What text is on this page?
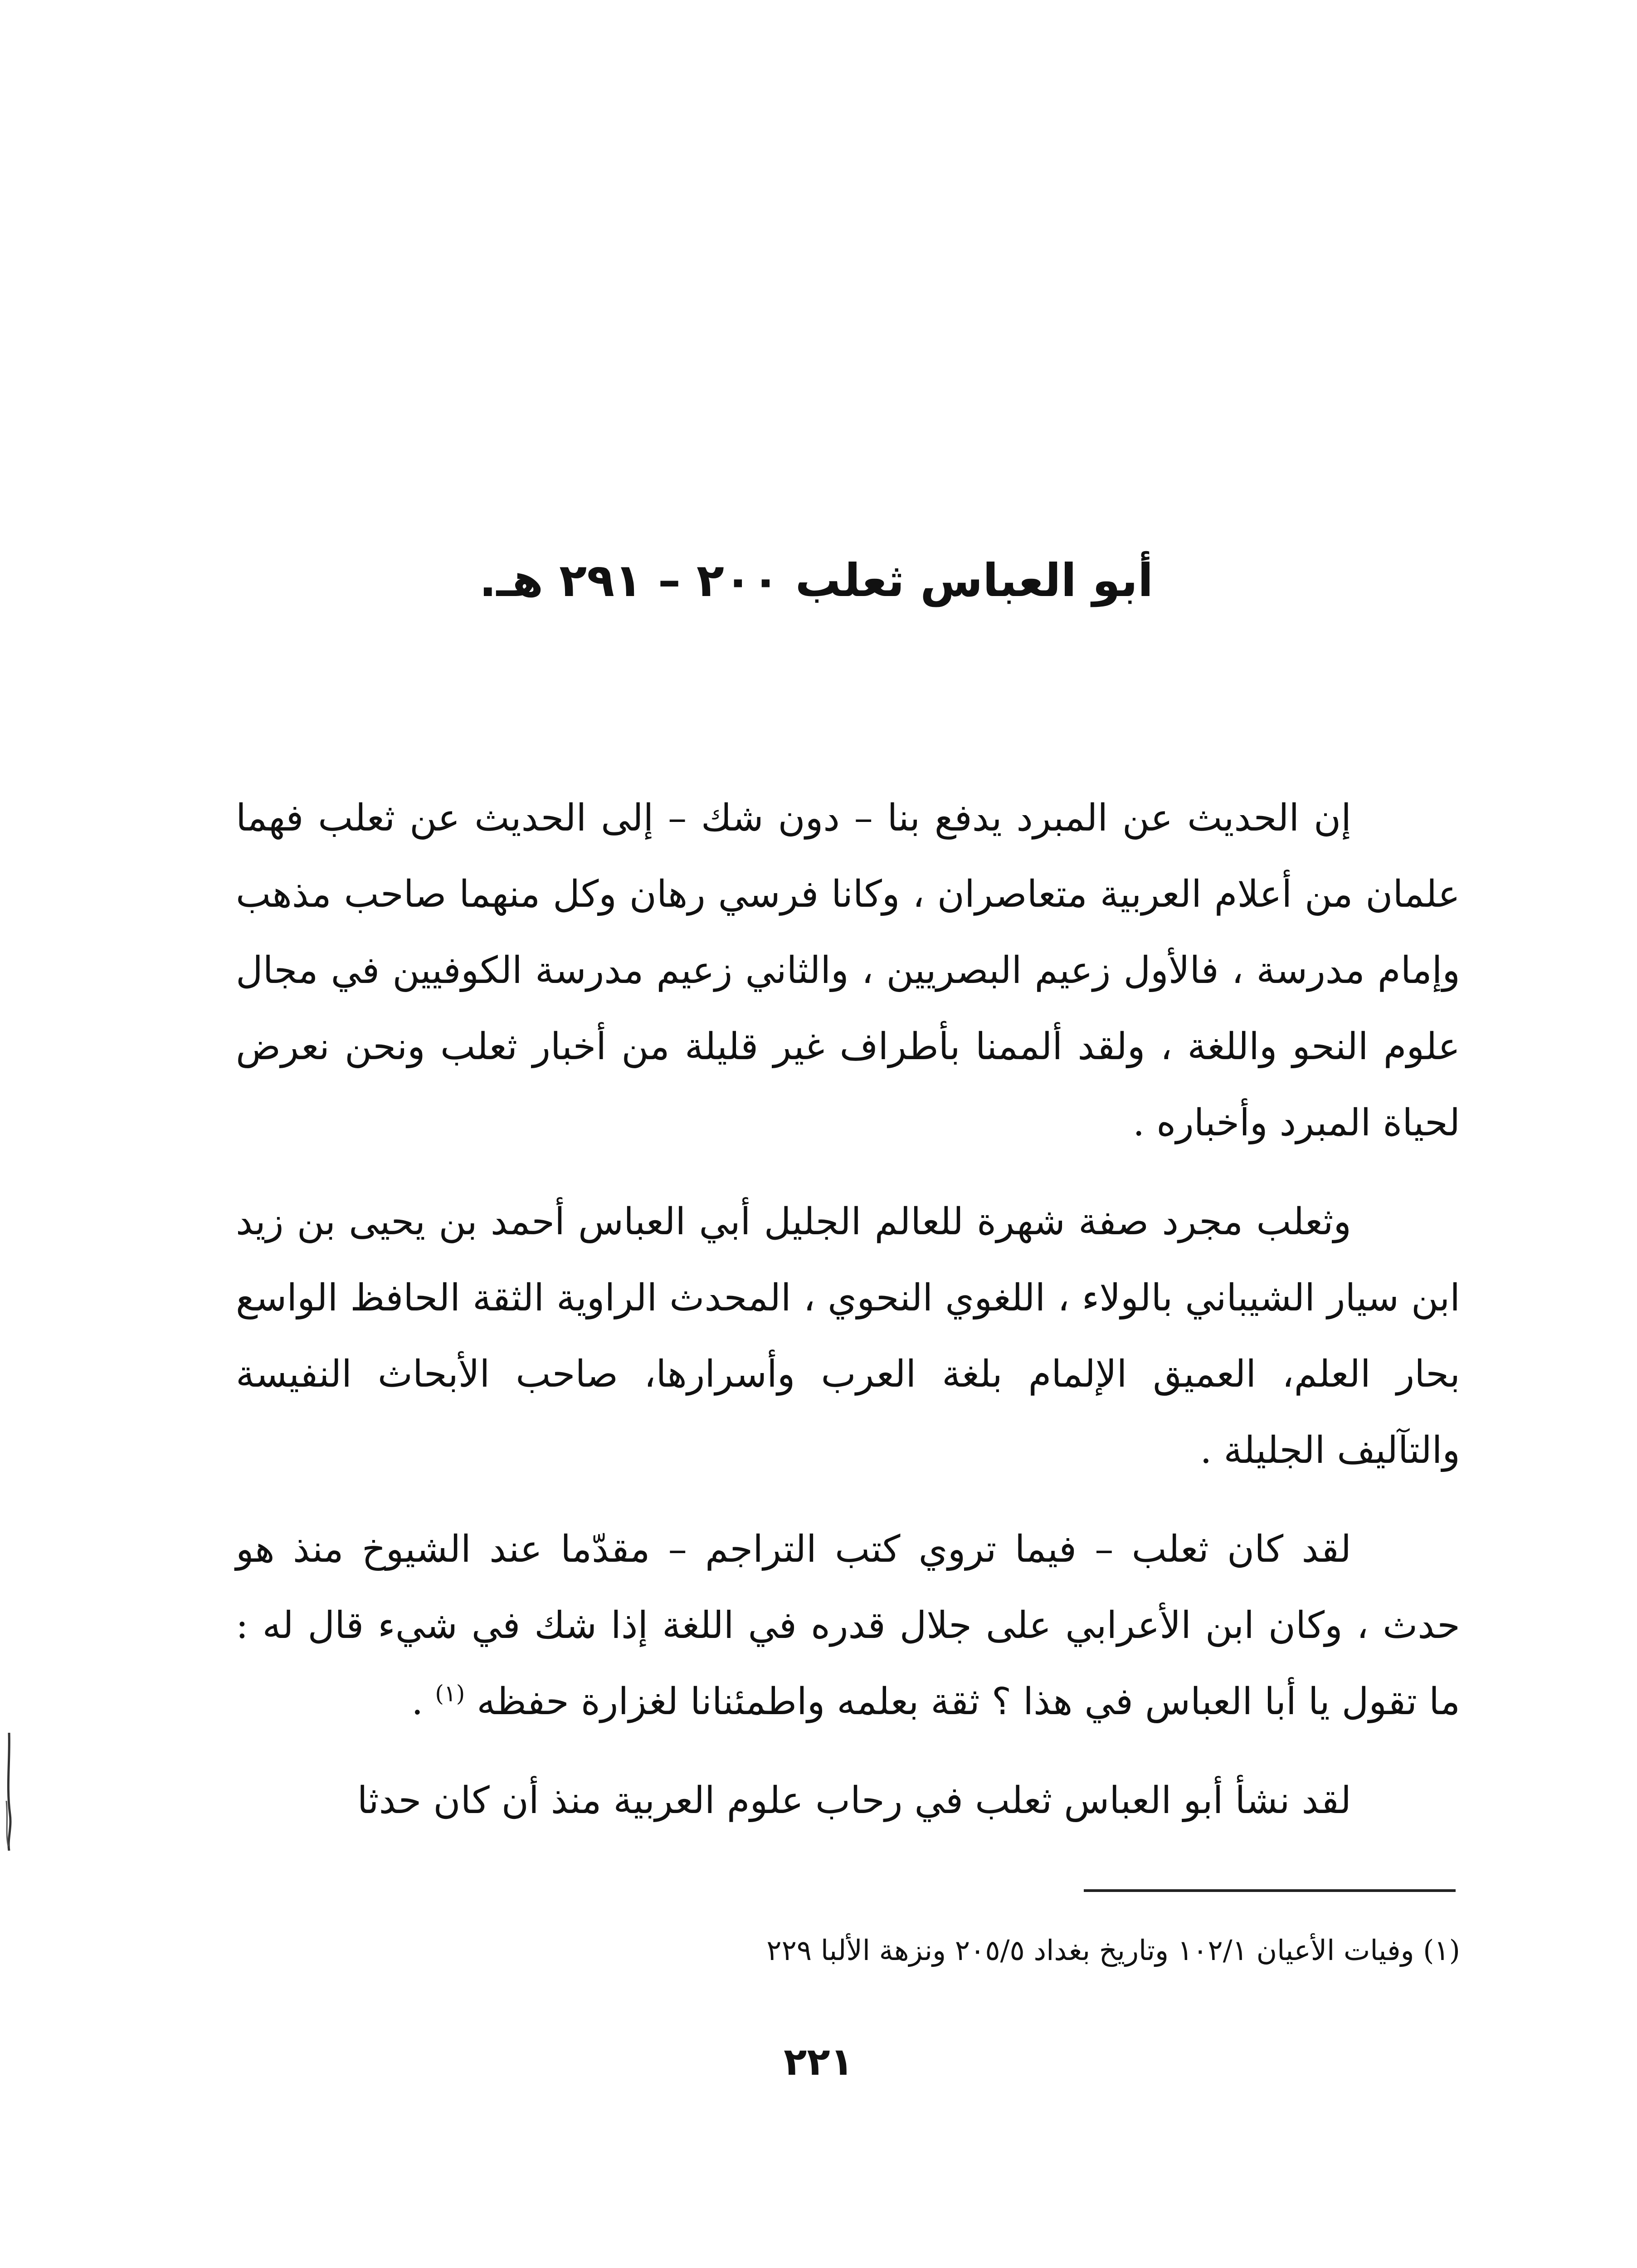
أبو العباس ثعلب ٢٠٠ – ٢٩١ هـ.

إن الحديث عن المبرد يدفع بنا – دون شك – إلى الحديث عن ثعلب فهما علمان من أعلام العربية متعاصران ، وكانا فرسي رهان وكل منهما صاحب مذهب وإمام مدرسة ، فالأول زعيم البصريين ، والثاني زعيم مدرسة الكوفيين في مجال علوم النحو واللغة ، ولقد ألممنا بأطراف غير قليلة من أخبار ثعلب ونحن نعرض لحياة المبرد وأخباره .

وثعلب مجرد صفة شهرة للعالم الجليل أبي العباس أحمد بن يحيى بن زيد ابن سيار الشيباني بالولاء ، اللغوي النحوي ، المحدث الراوية الثقة الحافظ الواسع بحار العلم، العميق الإلمام بلغة العرب وأسرارها، صاحب الأبحاث النفيسة والتآليف الجليلة .

لقد كان ثعلب – فيما تروي كتب التراجم – مقدّما عند الشيوخ منذ هو حدث ، وكان ابن الأعرابي على جلال قدره في اللغة إذا شك في شيء قال له : ما تقول يا أبا العباس في هذا ؟ ثقة بعلمه واطمئنانا لغزارة حفظه $^{(١)}$ .

لقد نشأ أبو العباس ثعلب في رحاب علوم العربية منذ أن كان حدثا

(١) وفيات الأعيان ١٠٢/١ وتاريخ بغداد ٢٠٥/٥ ونزهة الألبا ٢٢٩
٢٢١
